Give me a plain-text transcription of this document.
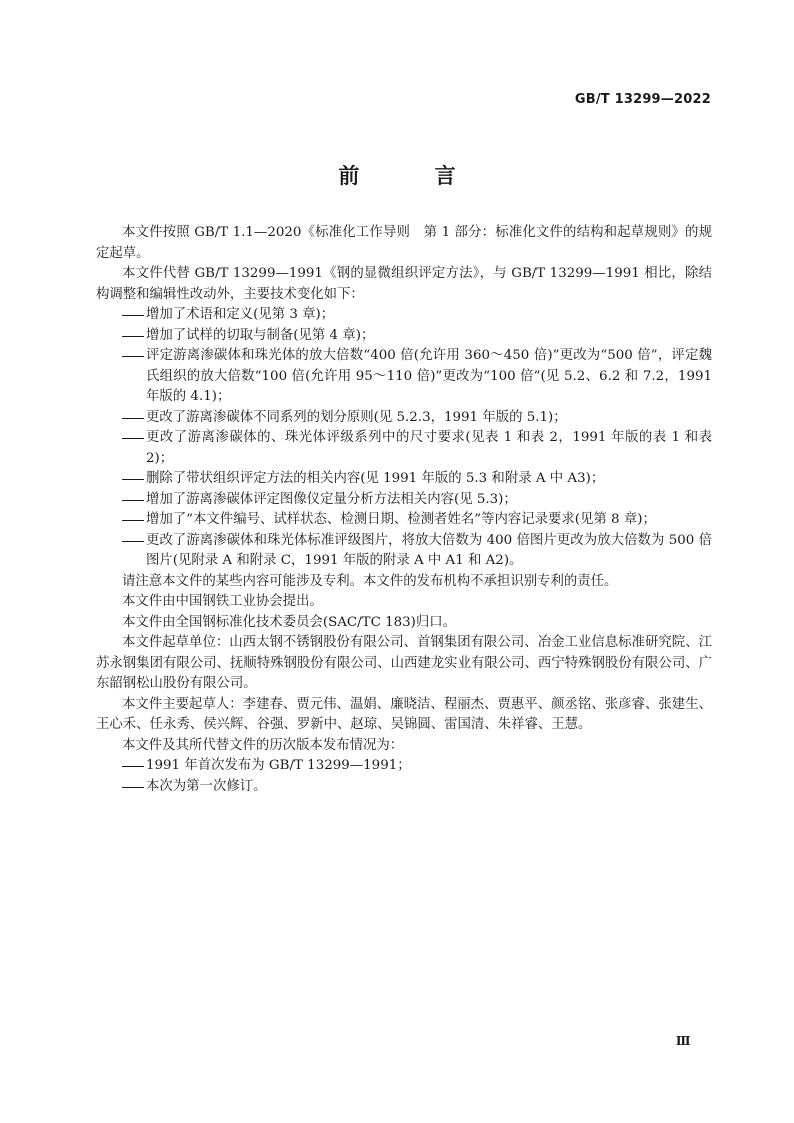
GB/T 13299—2022
前 言

本文件按照 GB/T 1.1—2020《标准化工作导则　第 1 部分：标准化文件的结构和起草规则》的规定起草。

本文件代替 GB/T 13299—1991《钢的显微组织评定方法》，与 GB/T 13299—1991 相比，除结构调整和编辑性改动外，主要技术变化如下：

增加了术语和定义(见第 3 章)；

增加了试样的切取与制备(见第 4 章)；

评定游离渗碳体和珠光体的放大倍数“400 倍(允许用 360～450 倍)”更改为“500 倍”，评定魏氏组织的放大倍数“100 倍(允许用 95～110 倍)”更改为“100 倍”(见 5.2、6.2 和 7.2，1991 年版的 4.1)；

更改了游离渗碳体不同系列的划分原则(见 5.2.3，1991 年版的 5.1)；

更改了游离渗碳体的、珠光体评级系列中的尺寸要求(见表 1 和表 2，1991 年版的表 1 和表 2)；

删除了带状组织评定方法的相关内容(见 1991 年版的 5.3 和附录 A 中 A3)；

增加了游离渗碳体评定图像仪定量分析方法相关内容(见 5.3)；

增加了“本文件编号、试样状态、检测日期、检测者姓名”等内容记录要求(见第 8 章)；

更改了游离渗碳体和珠光体标准评级图片，将放大倍数为 400 倍图片更改为放大倍数为 500 倍图片(见附录 A 和附录 C，1991 年版的附录 A 中 A1 和 A2)。

请注意本文件的某些内容可能涉及专利。本文件的发布机构不承担识别专利的责任。

本文件由中国钢铁工业协会提出。

本文件由全国钢标准化技术委员会(SAC/TC 183)归口。

本文件起草单位：山西太钢不锈钢股份有限公司、首钢集团有限公司、冶金工业信息标准研究院、江苏永钢集团有限公司、抚顺特殊钢股份有限公司、山西建龙实业有限公司、西宁特殊钢股份有限公司、广东韶钢松山股份有限公司。

本文件主要起草人：李建春、贾元伟、温娟、廉晓洁、程丽杰、贾惠平、颜丞铭、张彦睿、张建生、王心禾、任永秀、侯兴辉、谷强、罗新中、赵琼、吴锦圆、雷国清、朱祥睿、王慧。

本文件及其所代替文件的历次版本发布情况为：

1991 年首次发布为 GB/T 13299—1991；

本次为第一次修订。

Ⅲ
